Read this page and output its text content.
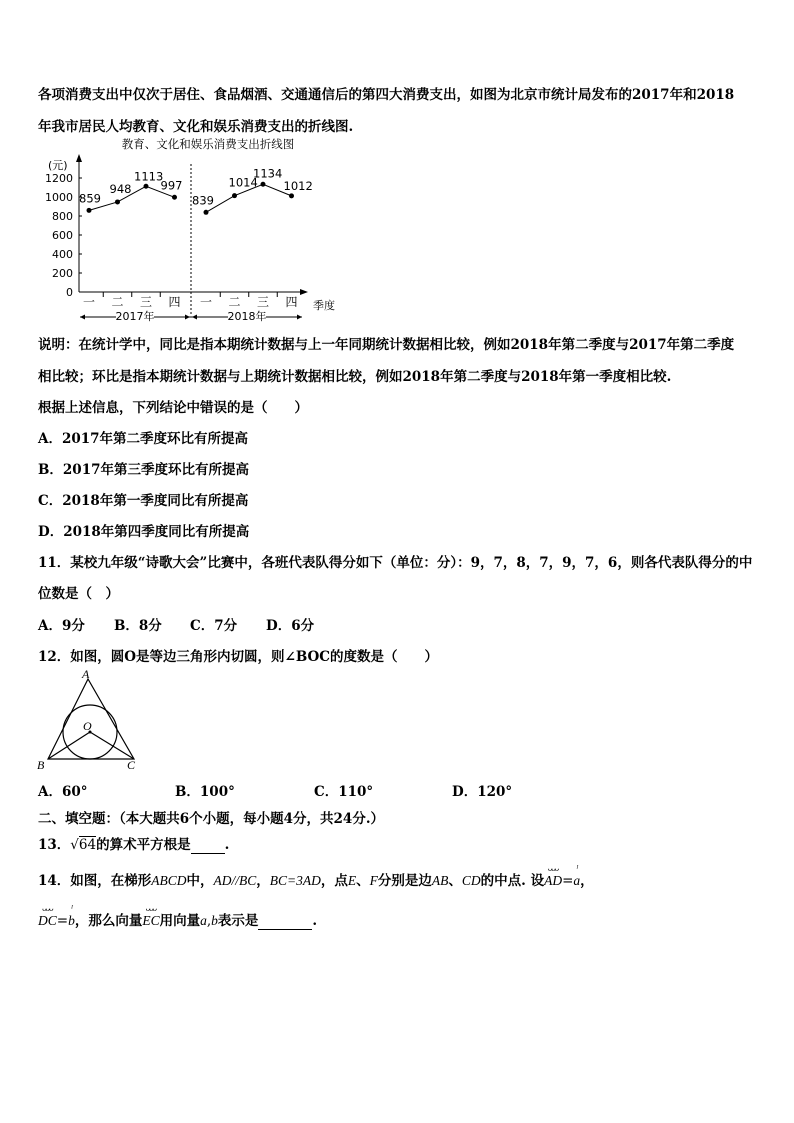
各项消费支出中仅次于居住、食品烟酒、交通通信后的第四大消费支出，如图为北京市统计局发布的2017年和2018
年我市居民人均教育、文化和娱乐消费支出的折线图.
教育、文化和娱乐消费支出折线图
(元)
季度
1200
1000
800
600
400
200
0
一 二 三 四 一 二 三 四
859
948
1113
997
839
1014
1134
1012
2017年	2018年
说明：在统计学中，同比是指本期统计数据与上一年同期统计数据相比较，例如2018年第二季度与2017年第二季度
相比较；环比是指本期统计数据与上期统计数据相比较，例如2018年第二季度与2018年第一季度相比较.
根据上述信息，下列结论中错误的是（　　）
A．2017年第二季度环比有所提高
B．2017年第三季度环比有所提高
C．2018年第一季度同比有所提高
D．2018年第四季度同比有所提高
11．某校九年级“诗歌大会”比赛中，各班代表队得分如下（单位：分）：9，7，8，7，9，7，6，则各代表队得分的中
位数是（　）
A．9分 B．8分 C．7分 D．6分
12．如图，圆O是等边三角形内切圆，则∠BOC的度数是（　　）
A
B	C
O
A．60°	B．100°	C．110°	D．120°
二、填空题：（本大题共6个小题，每小题4分，共24分.）
13．√64的算术平方根是	.
14．如图，在梯形ABCD中，AD//BC，BC=3AD，点E、F分别是边AB、CD的中点. 设
ᴗᴗᴗ
AD=
ᴵ
a，
ᴗᴗᴗ
DC=
ᴵ
b，那么向量
ᴗᴗᴗ
EC用向量a,b表示是	.
